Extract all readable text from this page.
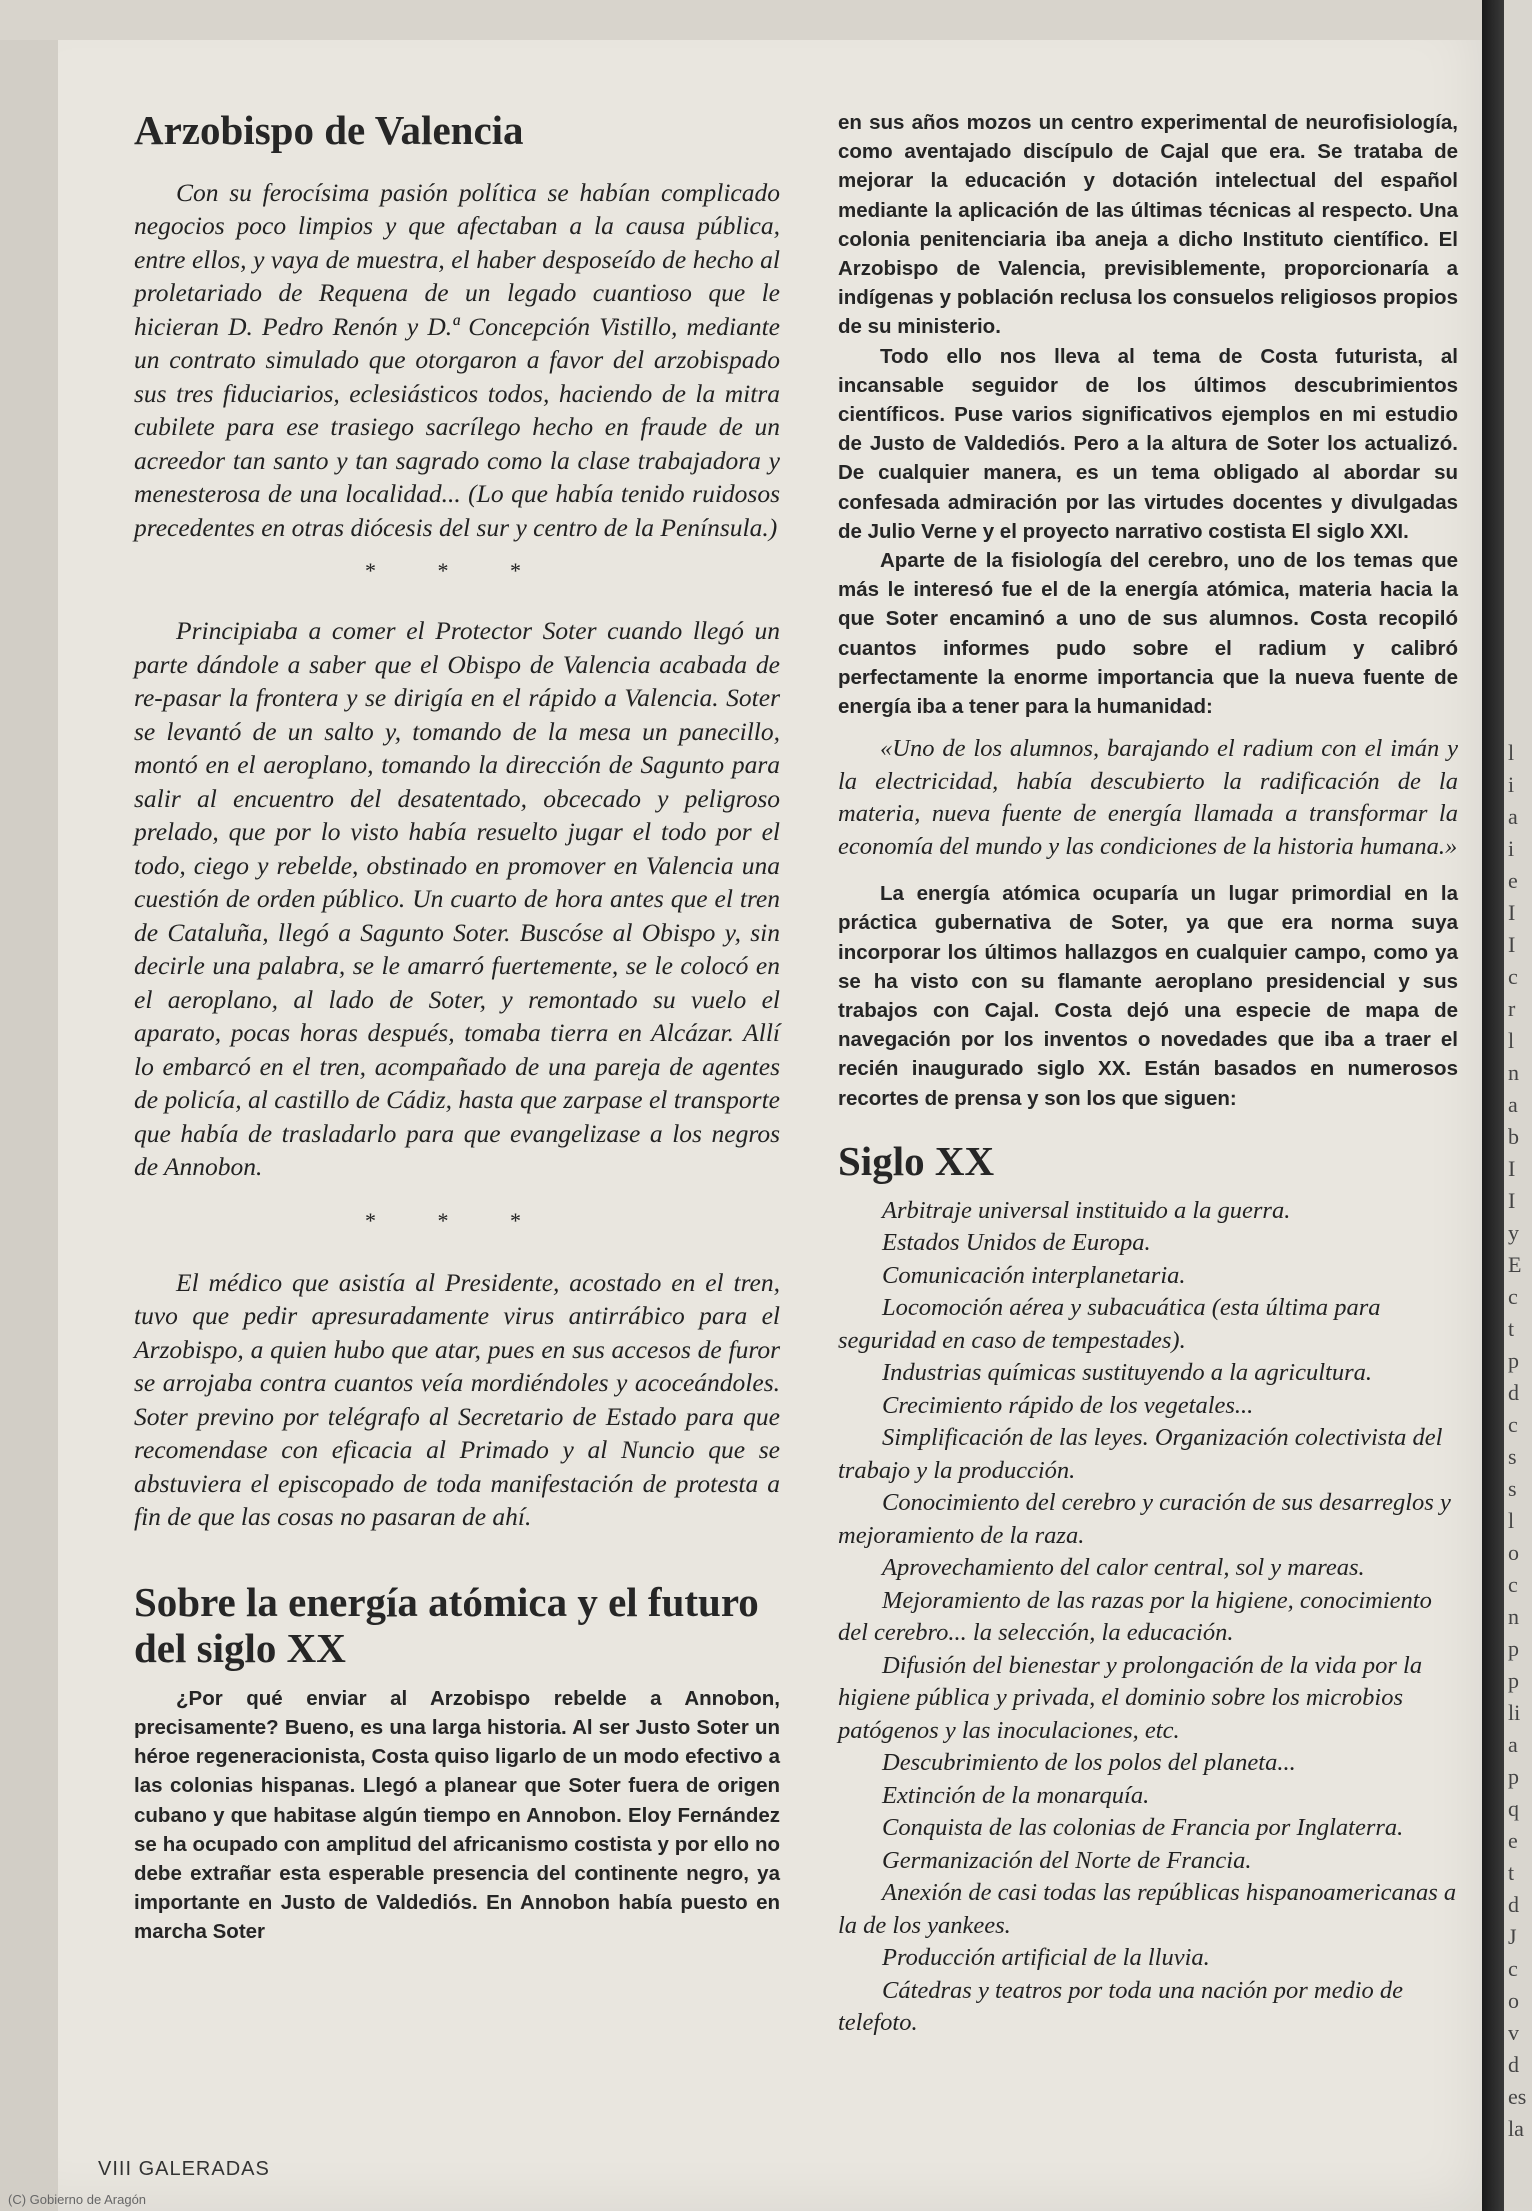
Arzobispo de Valencia

Con su ferocísima pasión política se habían complicado negocios poco limpios y que afectaban a la causa pública, entre ellos, y vaya de muestra, el haber desposeído de hecho al proletariado de Requena de un legado cuantioso que le hicieran D. Pedro Renón y D.ª Concepción Vistillo, mediante un contrato simulado que otorgaron a favor del arzobispado sus tres fiduciarios, eclesiásticos todos, haciendo de la mitra cubilete para ese trasiego sacrílego hecho en fraude de un acreedor tan santo y tan sagrado como la clase trabajadora y menesterosa de una localidad... (Lo que había tenido ruidosos precedentes en otras diócesis del sur y centro de la Península.)

* * *

Principiaba a comer el Protector Soter cuando llegó un parte dándole a saber que el Obispo de Valencia acabada de re-pasar la frontera y se dirigía en el rápido a Valencia. Soter se levantó de un salto y, tomando de la mesa un panecillo, montó en el aeroplano, tomando la dirección de Sagunto para salir al encuentro del desatentado, obcecado y peligroso prelado, que por lo visto había resuelto jugar el todo por el todo, ciego y rebelde, obstinado en promover en Valencia una cuestión de orden público. Un cuarto de hora antes que el tren de Cataluña, llegó a Sagunto Soter. Buscóse al Obispo y, sin decirle una palabra, se le amarró fuertemente, se le colocó en el aeroplano, al lado de Soter, y remontado su vuelo el aparato, pocas horas después, tomaba tierra en Alcázar. Allí lo embarcó en el tren, acompañado de una pareja de agentes de policía, al castillo de Cádiz, hasta que zarpase el transporte que había de trasladarlo para que evangelizase a los negros de Annobon.

* * *

El médico que asistía al Presidente, acostado en el tren, tuvo que pedir apresuradamente virus antirrábico para el Arzobispo, a quien hubo que atar, pues en sus accesos de furor se arrojaba contra cuantos veía mordiéndoles y acoceándoles. Soter previno por telégrafo al Secretario de Estado para que recomendase con eficacia al Primado y al Nuncio que se abstuviera el episcopado de toda manifestación de protesta a fin de que las cosas no pasaran de ahí.

Sobre la energía atómica y el futuro del siglo XX

¿Por qué enviar al Arzobispo rebelde a Annobon, precisamente? Bueno, es una larga historia. Al ser Justo Soter un héroe regeneracionista, Costa quiso ligarlo de un modo efectivo a las colonias hispanas. Llegó a planear que Soter fuera de origen cubano y que habitase algún tiempo en Annobon. Eloy Fernández se ha ocupado con amplitud del africanismo costista y por ello no debe extrañar esta esperable presencia del continente negro, ya importante en Justo de Valdediós. En Annobon había puesto en marcha Soter

en sus años mozos un centro experimental de neurofisiología, como aventajado discípulo de Cajal que era. Se trataba de mejorar la educación y dotación intelectual del español mediante la aplicación de las últimas técnicas al respecto. Una colonia penitenciaria iba aneja a dicho Instituto científico. El Arzobispo de Valencia, previsiblemente, proporcionaría a indígenas y población reclusa los consuelos religiosos propios de su ministerio.

Todo ello nos lleva al tema de Costa futurista, al incansable seguidor de los últimos descubrimientos científicos. Puse varios significativos ejemplos en mi estudio de Justo de Valdediós. Pero a la altura de Soter los actualizó. De cualquier manera, es un tema obligado al abordar su confesada admiración por las virtudes docentes y divulgadas de Julio Verne y el proyecto narrativo costista El siglo XXI.

Aparte de la fisiología del cerebro, uno de los temas que más le interesó fue el de la energía atómica, materia hacia la que Soter encaminó a uno de sus alumnos. Costa recopiló cuantos informes pudo sobre el radium y calibró perfectamente la enorme importancia que la nueva fuente de energía iba a tener para la humanidad:

«Uno de los alumnos, barajando el radium con el imán y la electricidad, había descubierto la radificación de la materia, nueva fuente de energía llamada a transformar la economía del mundo y las condiciones de la historia humana.»

La energía atómica ocuparía un lugar primordial en la práctica gubernativa de Soter, ya que era norma suya incorporar los últimos hallazgos en cualquier campo, como ya se ha visto con su flamante aeroplano presidencial y sus trabajos con Cajal. Costa dejó una especie de mapa de navegación por los inventos o novedades que iba a traer el recién inaugurado siglo XX. Están basados en numerosos recortes de prensa y son los que siguen:

Siglo XX

Arbitraje universal instituido a la guerra.

Estados Unidos de Europa.

Comunicación interplanetaria.

Locomoción aérea y subacuática (esta última para seguridad en caso de tempestades).

Industrias químicas sustituyendo a la agricultura.

Crecimiento rápido de los vegetales...

Simplificación de las leyes. Organización colectivista del trabajo y la producción.

Conocimiento del cerebro y curación de sus desarreglos y mejoramiento de la raza.

Aprovechamiento del calor central, sol y mareas.

Mejoramiento de las razas por la higiene, conocimiento del cerebro... la selección, la educación.

Difusión del bienestar y prolongación de la vida por la higiene pública y privada, el dominio sobre los microbios patógenos y las inoculaciones, etc.

Descubrimiento de los polos del planeta...

Extinción de la monarquía.

Conquista de las colonias de Francia por Inglaterra.

Germanización del Norte de Francia.

Anexión de casi todas las repúblicas hispanoamericanas a la de los yankees.

Producción artificial de la lluvia.

Cátedras y teatros por toda una nación por medio de telefoto.

VIII GALERADAS
l
i
a
i
e
I
I
c
r
l
n
a
b
I
I
y
E
c
t
p
d
c
s
s
l
o
c
n
p
p
li
a
p
q
e
t
d
J
c
o
v
d
es
la
(C) Gobierno de Aragón
